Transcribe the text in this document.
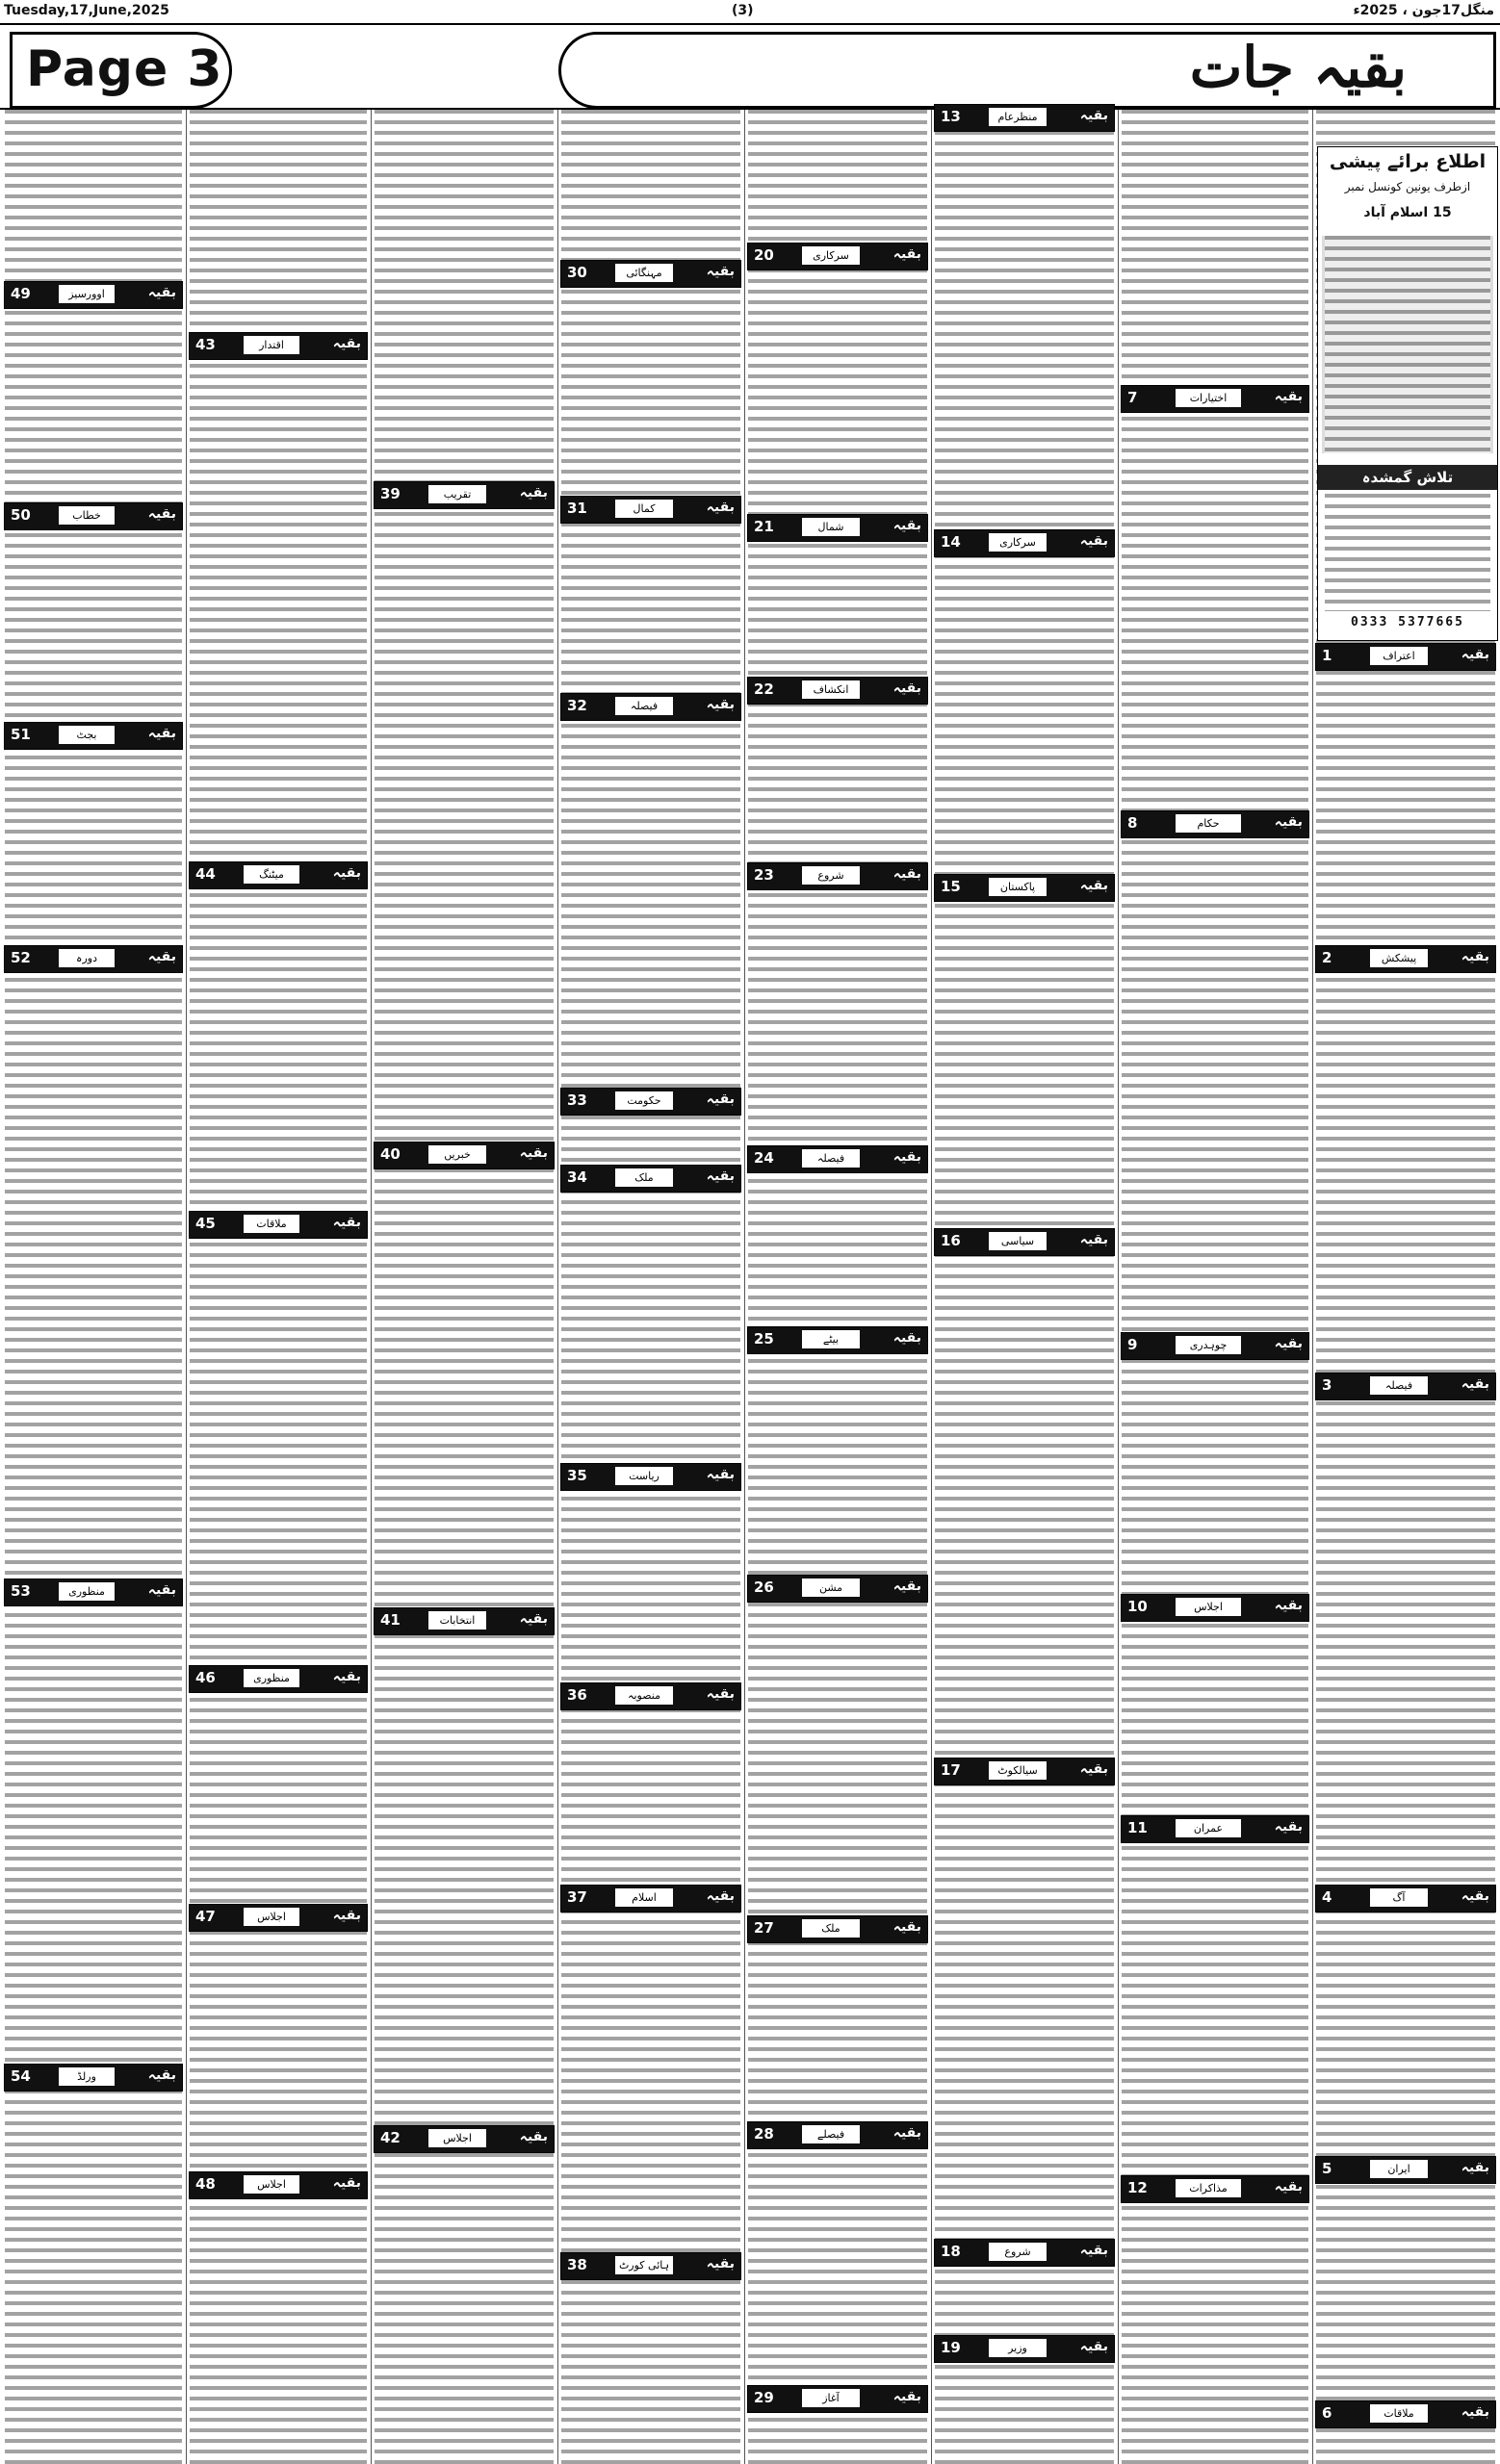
Tuesday,17,June,2025	(3)	منگل17جون ، 2025ء
Page 3	بقیہ جات
49	اوورسیز	بقیہ
50	خطاب	بقیہ
51	بجٹ	بقیہ
52	دورہ	بقیہ
53	منظوری	بقیہ
54	ورلڈ	بقیہ
43	اقتدار	بقیہ
44	میٹنگ	بقیہ
45	ملاقات	بقیہ
46	منظوری	بقیہ
47	اجلاس	بقیہ
48	اجلاس	بقیہ
39	تقریب	بقیہ
40	خبریں	بقیہ
41	انتخابات	بقیہ
42	اجلاس	بقیہ
30	مہنگائی	بقیہ
31	کمال	بقیہ
32	فیصلہ	بقیہ
33	حکومت	بقیہ
34	ملک	بقیہ
35	ریاست	بقیہ
36	منصوبہ	بقیہ
37	اسلام	بقیہ
38	ہائی کورٹ	بقیہ
20	سرکاری	بقیہ
21	شمال	بقیہ
22	انکشاف	بقیہ
23	شروع	بقیہ
24	فیصلہ	بقیہ
25	بیٹے	بقیہ
26	مشن	بقیہ
27	ملک	بقیہ
28	فیصلے	بقیہ
29	آغاز	بقیہ
13	منظرعام	بقیہ
14	سرکاری	بقیہ
15	پاکستان	بقیہ
16	سیاسی	بقیہ
17	سیالکوٹ	بقیہ
18	شروع	بقیہ
19	وزیر	بقیہ
7	اختیارات	بقیہ
8	حکام	بقیہ
9	چوہدری	بقیہ
10	اجلاس	بقیہ
11	عمران	بقیہ
12	مذاکرات	بقیہ
1	اعتراف	بقیہ
2	پیشکش	بقیہ
3	فیصلہ	بقیہ
4	آگ	بقیہ
5	ایران	بقیہ
6	ملاقات	بقیہ
اطلاع برائے پیشی
ازطرف یونین کونسل نمبر
15 اسلام آباد
تلاش گمشدہ
0333 5377665
